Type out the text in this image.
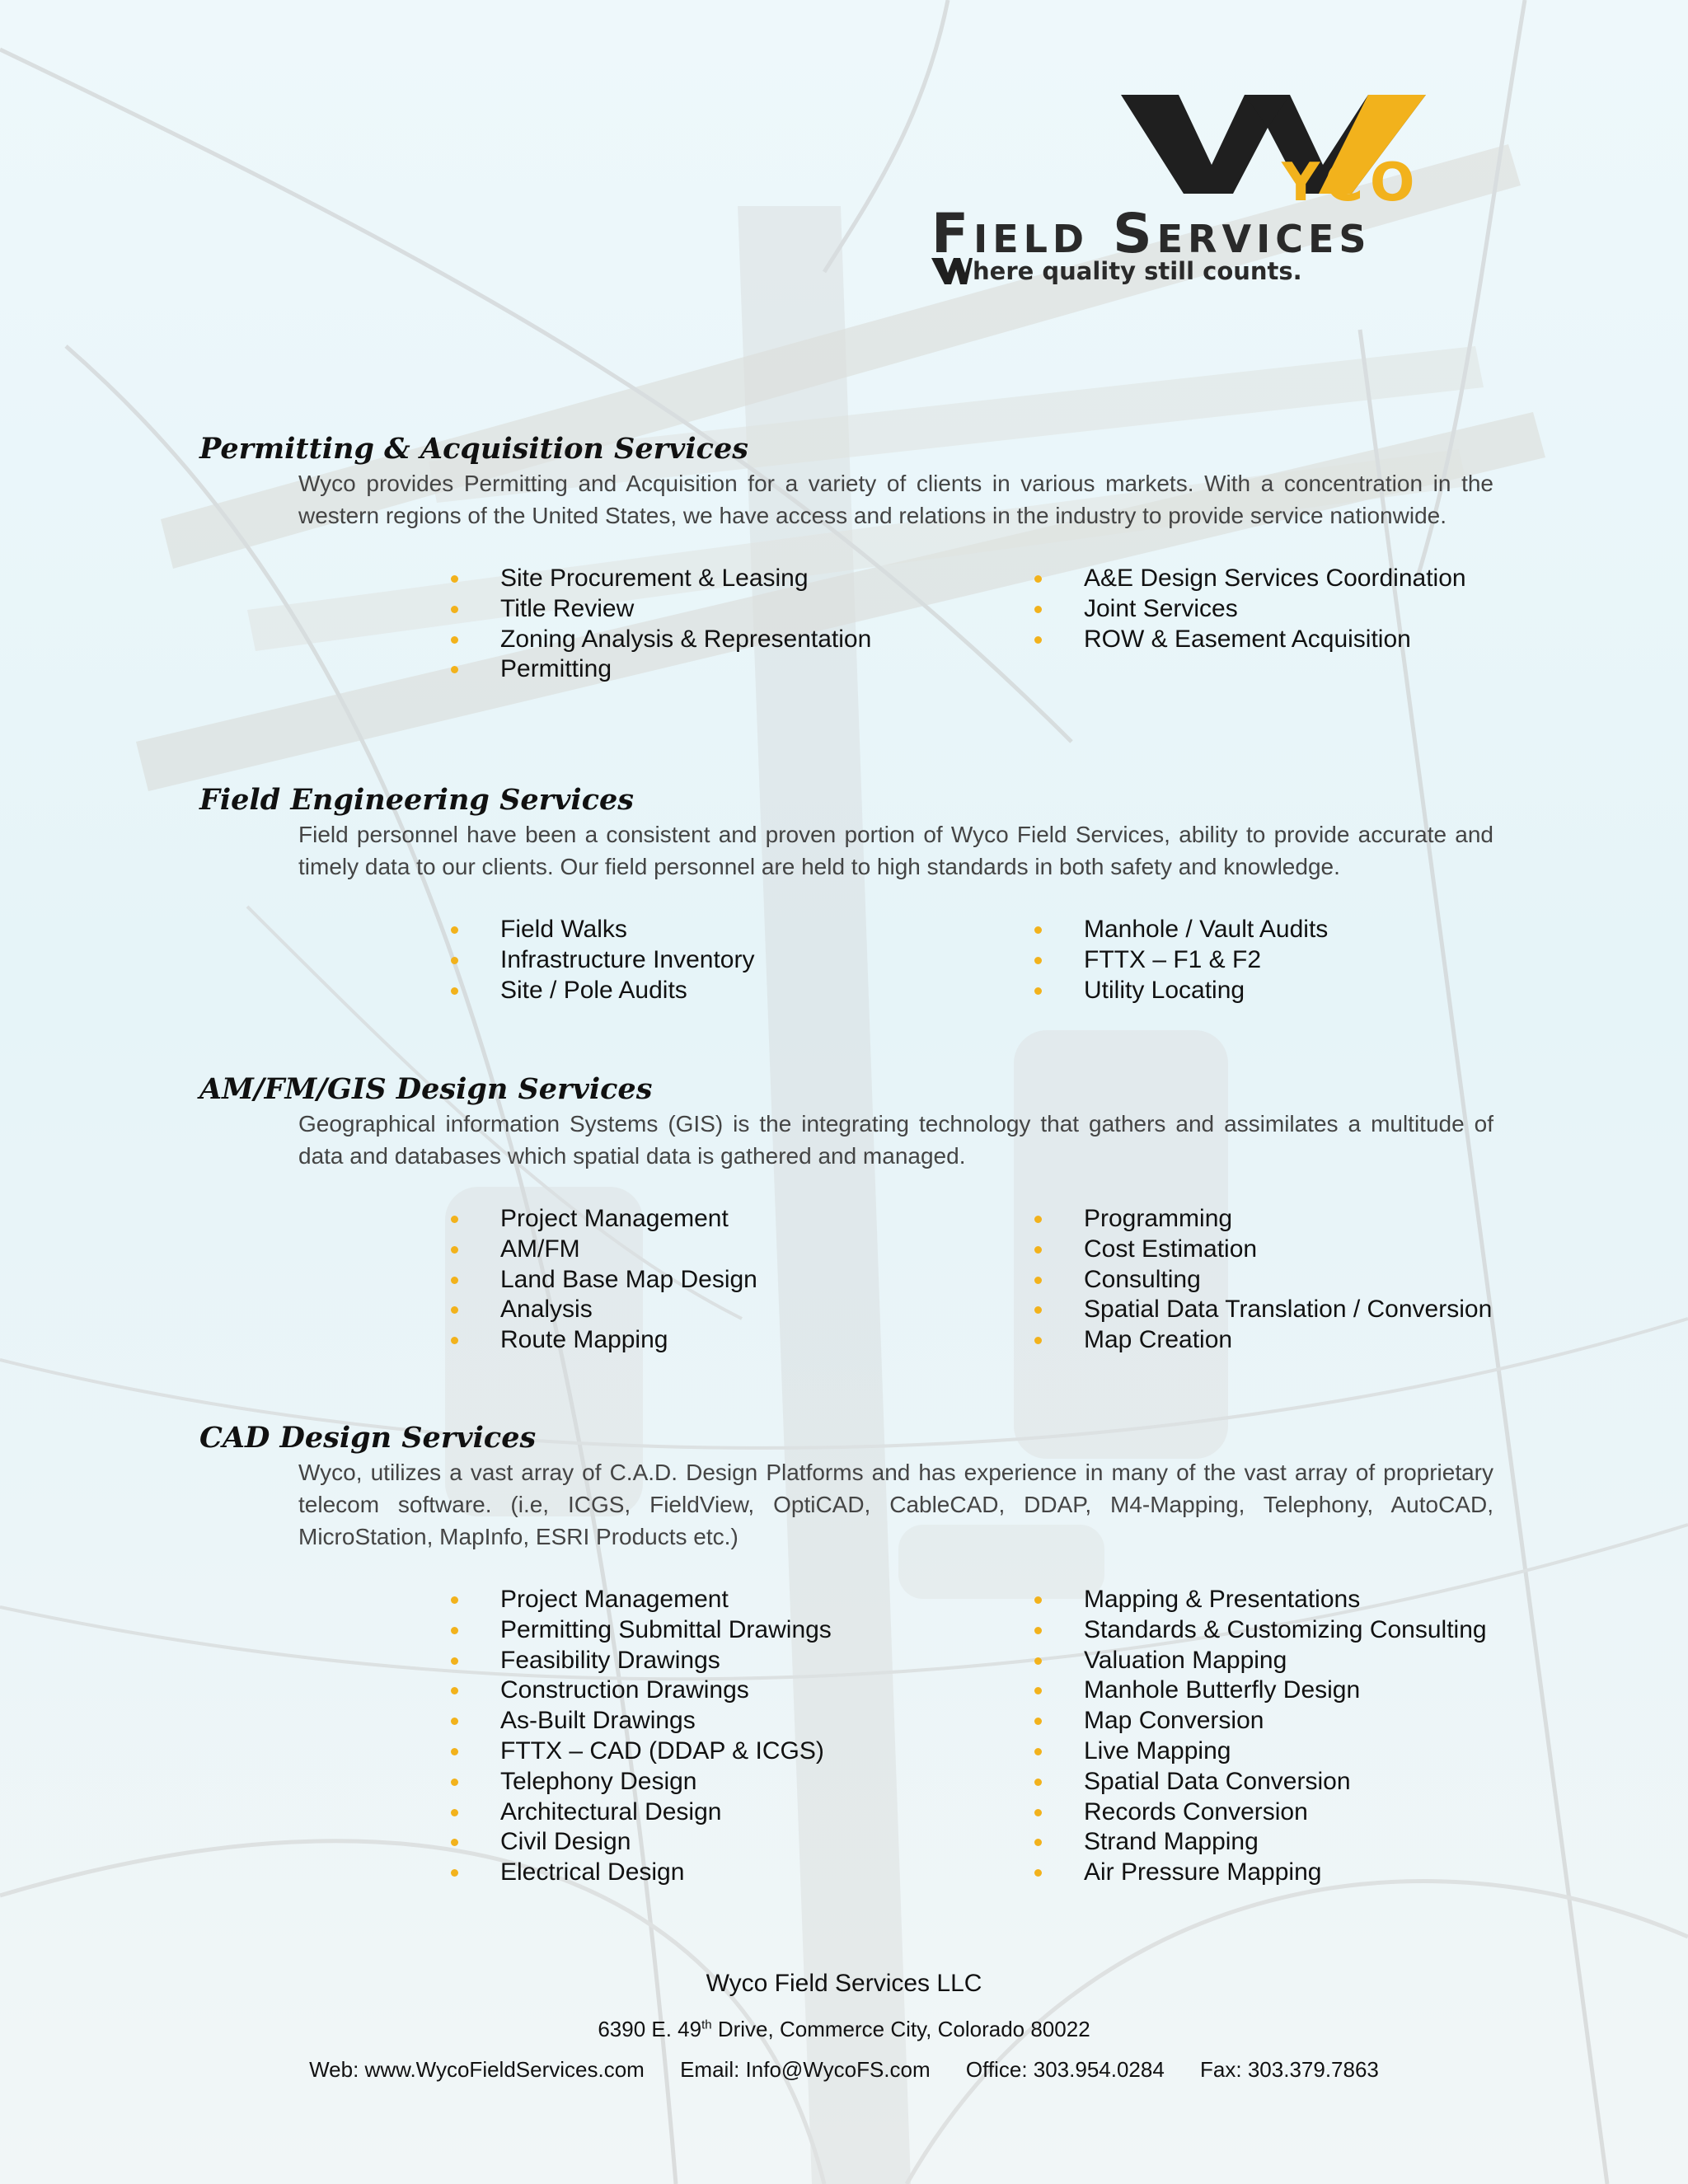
YCO
Field Services
here quality still counts.
Permitting & Acquisition Services

Wyco provides Permitting and Acquisition for a variety of clients in various markets. With a concentration in the western regions of the United States, we have access and relations in the industry to provide service nationwide.

Site Procurement & Leasing
Title Review
Zoning Analysis & Representation
Permitting
A&E Design Services Coordination
Joint Services
ROW & Easement Acquisition
Field Engineering Services

Field personnel have been a consistent and proven portion of Wyco Field Services, ability to provide accurate and timely data to our clients. Our field personnel are held to high standards in both safety and knowledge.

Field Walks
Infrastructure Inventory
Site / Pole Audits
Manhole / Vault Audits
FTTX – F1 & F2
Utility Locating
AM/FM/GIS Design Services

Geographical information Systems (GIS) is the integrating technology that gathers and assimilates a multitude of data and databases which spatial data is gathered and managed.

Project Management
AM/FM
Land Base Map Design
Analysis
Route Mapping
Programming
Cost Estimation
Consulting
Spatial Data Translation / Conversion
Map Creation
CAD Design Services

Wyco, utilizes a vast array of C.A.D. Design Platforms and has experience in many of the vast array of proprietary telecom software. (i.e, ICGS, FieldView, OptiCAD, CableCAD, DDAP, M4-Mapping, Telephony, AutoCAD, MicroStation, MapInfo, ESRI Products etc.)

Project Management
Permitting Submittal Drawings
Feasibility Drawings
Construction Drawings
As-Built Drawings
FTTX – CAD (DDAP & ICGS)
Telephony Design
Architectural Design
Civil Design
Electrical Design
Mapping & Presentations
Standards & Customizing Consulting
Valuation Mapping
Manhole Butterfly Design
Map Conversion
Live Mapping
Spatial Data Conversion
Records Conversion
Strand Mapping
Air Pressure Mapping
Wyco Field Services LLC
6390 E. 49th Drive, Commerce City, Colorado 80022
Web: www.WycoFieldServices.com Email: Info@WycoFS.com Office: 303.954.0284 Fax: 303.379.7863
